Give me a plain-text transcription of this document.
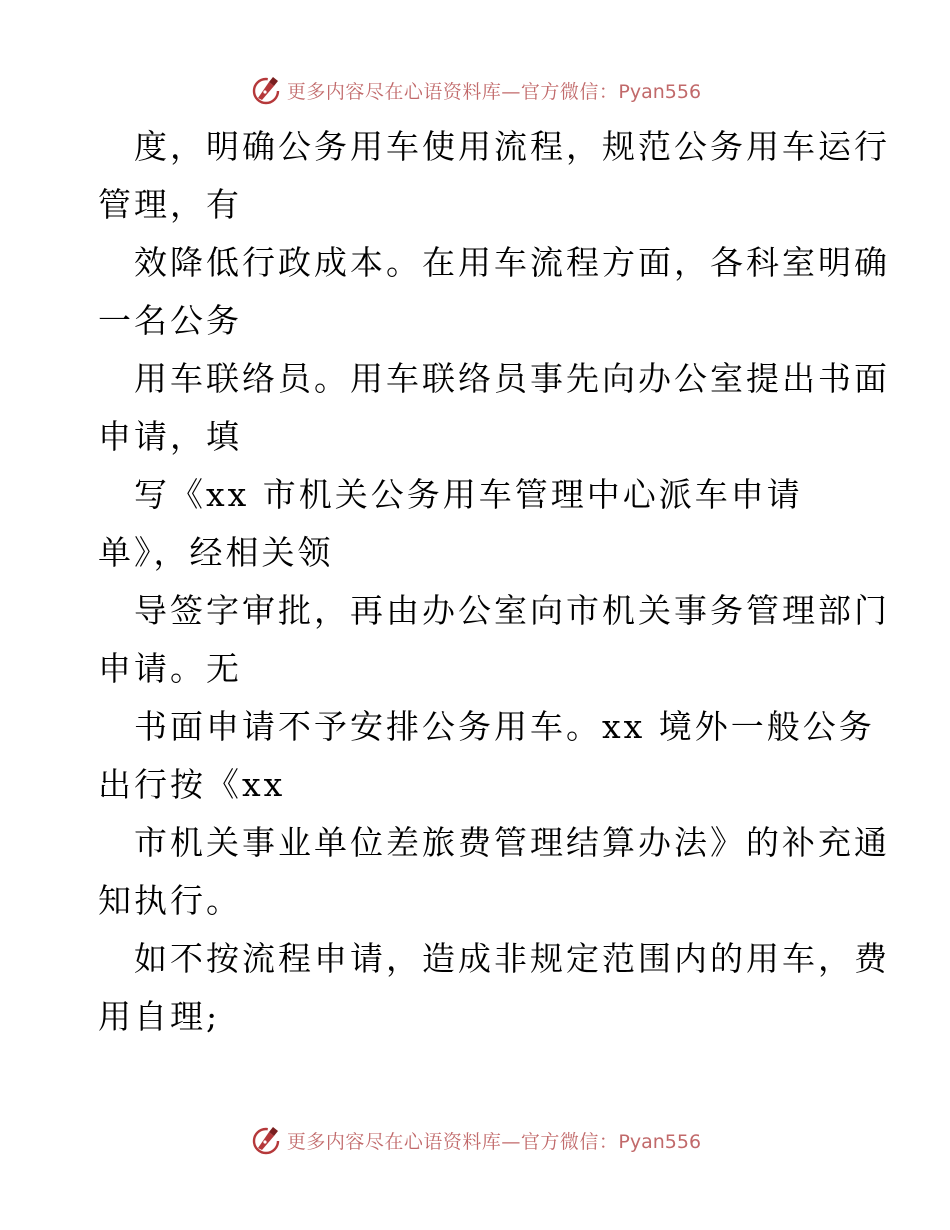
更多内容尽在心语资料库—官方微信：Pyan556
度，明确公务用车使用流程，规范公务用车运行
管理，有
效降低行政成本。在用车流程方面，各科室明确
一名公务
用车联络员。用车联络员事先向办公室提出书面
申请，填
写《xx 市机关公务用车管理中心派车申请
单》，经相关领
导签字审批，再由办公室向市机关事务管理部门
申请。无
书面申请不予安排公务用车。xx 境外一般公务
出行按《xx
市机关事业单位差旅费管理结算办法》的补充通
知执行。
如不按流程申请，造成非规定范围内的用车，费
用自理;
更多内容尽在心语资料库—官方微信：Pyan556
